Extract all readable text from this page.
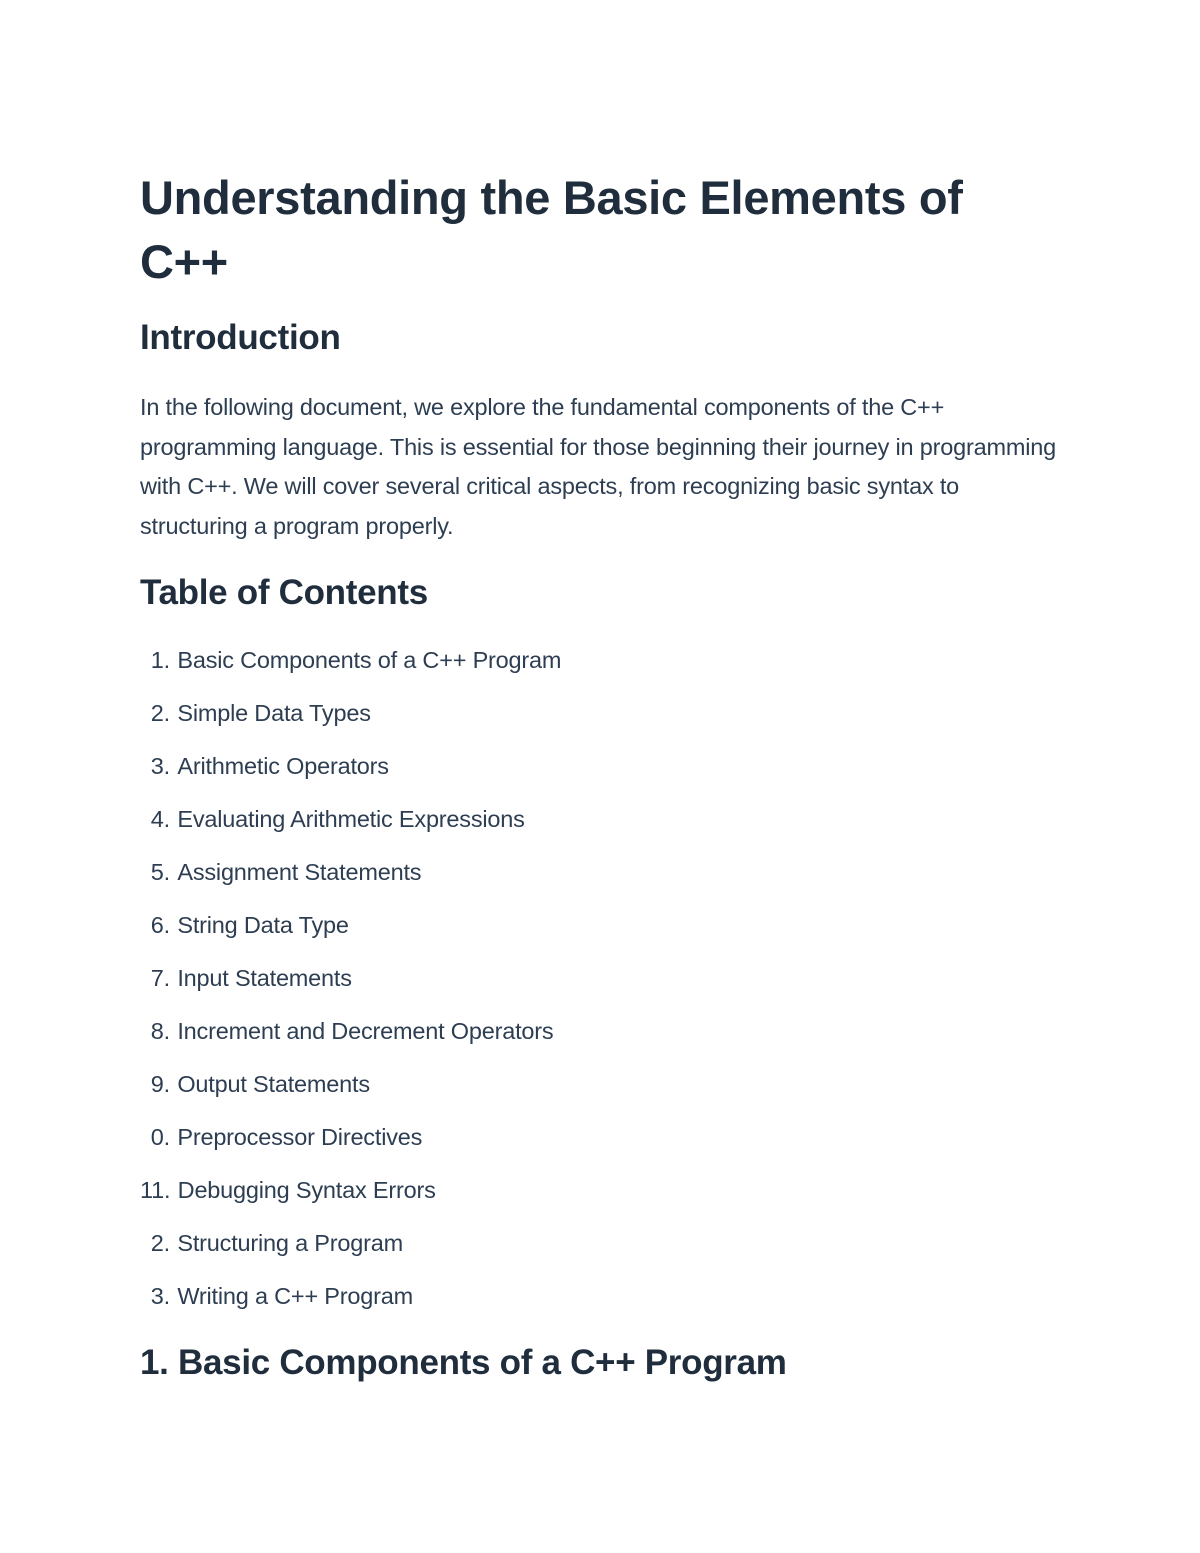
Understanding the Basic Elements of C++
Introduction

In the following document, we explore the fundamental components of the C++ programming language. This is essential for those beginning their journey in programming with C++. We will cover several critical aspects, from recognizing basic syntax to structuring a program properly.

Table of Contents
1. Basic Components of a C++ Program
2. Simple Data Types
3. Arithmetic Operators
4. Evaluating Arithmetic Expressions
5. Assignment Statements
6. String Data Type
7. Input Statements
8. Increment and Decrement Operators
9. Output Statements
0. Preprocessor Directives
11. Debugging Syntax Errors
2. Structuring a Program
3. Writing a C++ Program
1. Basic Components of a C++ Program
